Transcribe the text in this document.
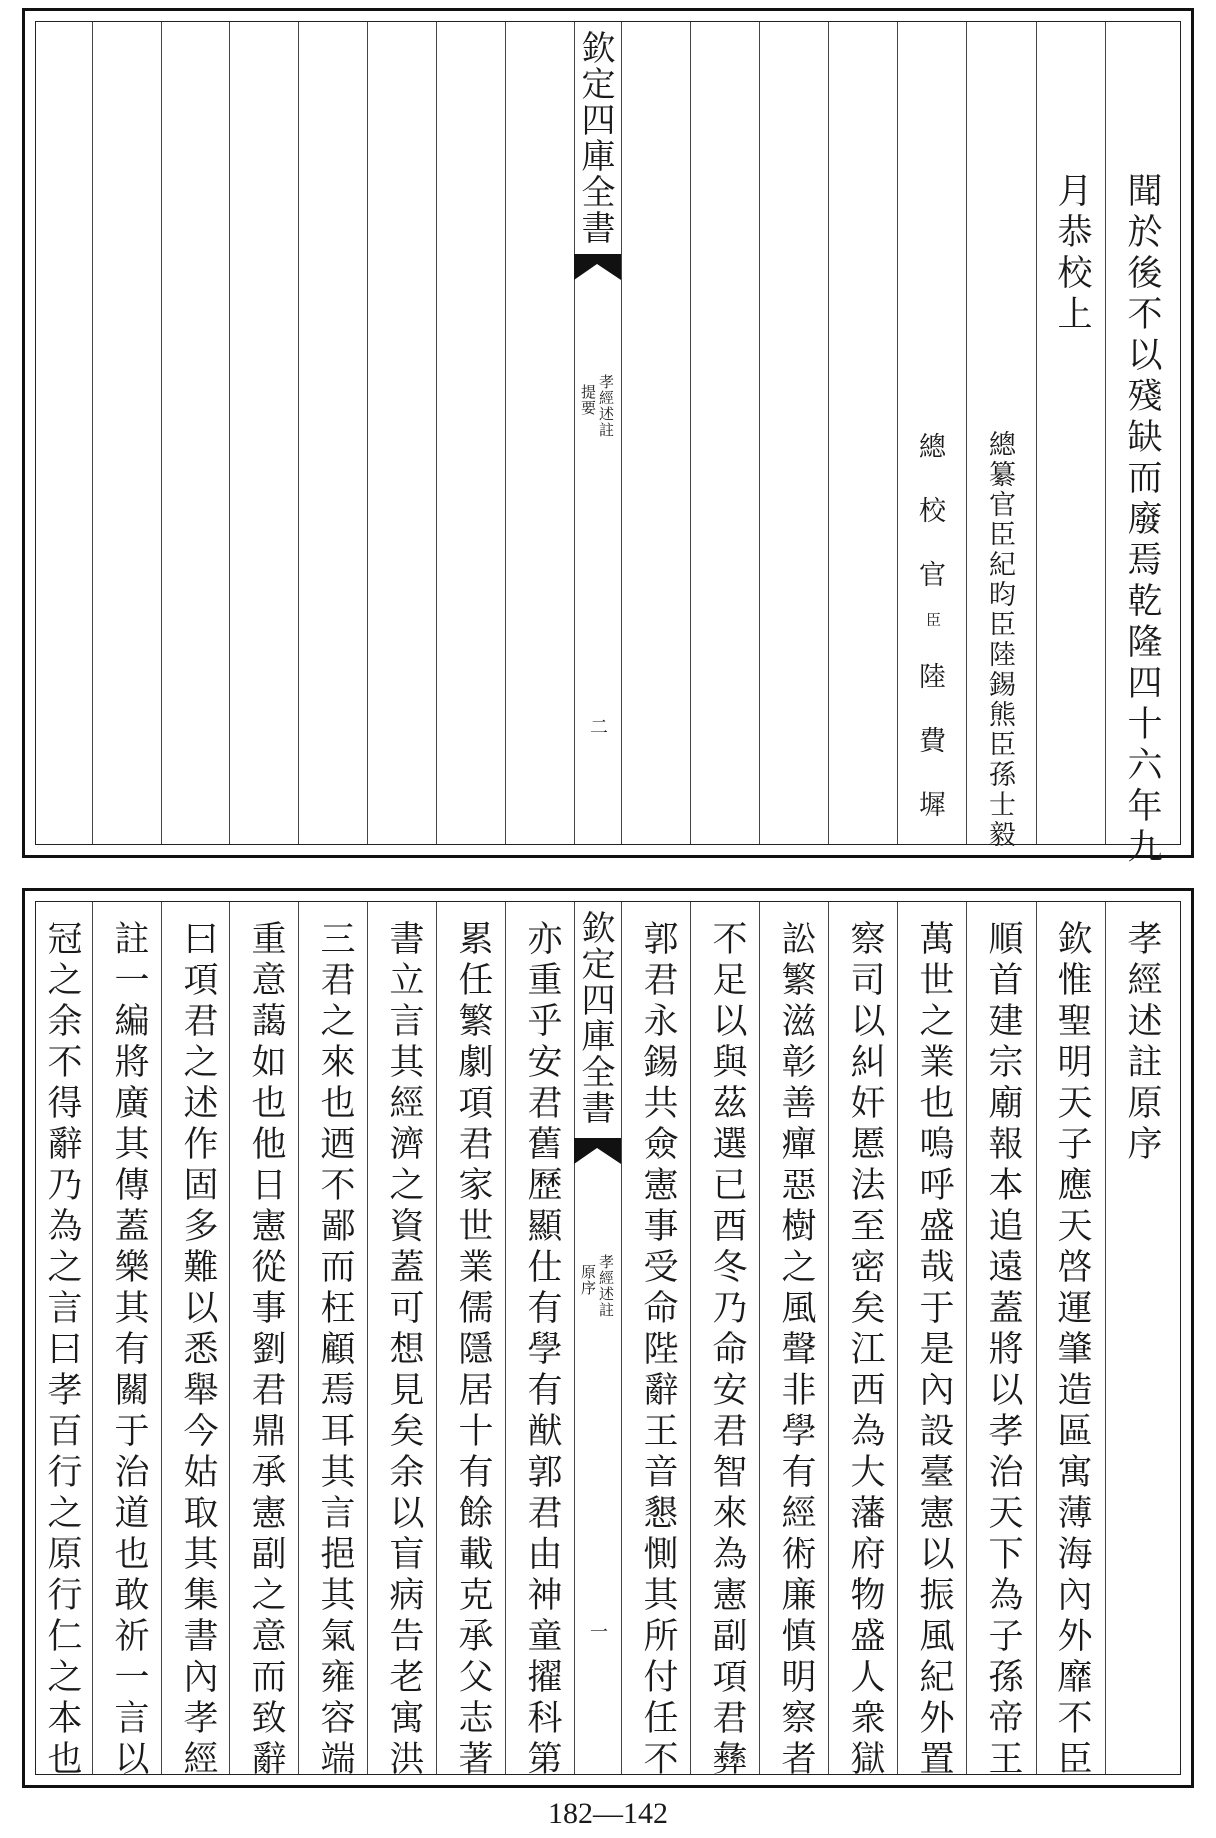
欽定四庫全書
孝經述註
提要
二	聞於後不以殘缺而廢焉乾隆四十六年九
月恭校上
總纂官臣紀昀臣陸錫熊臣孫士毅
總 校 官
臣
陸 費 墀
欽定四庫全書
孝經述註
原序
一
孝經述註原序
欽惟聖明天子應天啓運肇造區寓薄海內外靡不臣
順首建宗廟報本追遠蓋將以孝治天下為子孫帝王
萬世之業也嗚呼盛哉于是內設臺憲以振風紀外置
察司以糾奸慝法至密矣江西為大藩府物盛人衆獄
訟繁滋彰善癉惡樹之風聲非學有經術廉慎明察者
不足以與茲選已酉冬乃命安君智來為憲副項君彝
郭君永錫共僉憲事受命陛辭王音懇惻其所付任不
亦重乎安君舊歷顯仕有學有猷郭君由神童擢科第
累任繁劇項君家世業儒隱居十有餘載克承父志著
書立言其經濟之資蓋可想見矣余以盲病告老寓洪
三君之來也迺不鄙而枉顧焉耳其言挹其氣雍容端
重意藹如也他日憲從事劉君鼎承憲副之意而致辭
曰項君之述作固多難以悉舉今姑取其集書內孝經
註一編將廣其傳蓋樂其有關于治道也敢祈一言以
冠之余不得辭乃為之言曰孝百行之原行仁之本也
182—142
